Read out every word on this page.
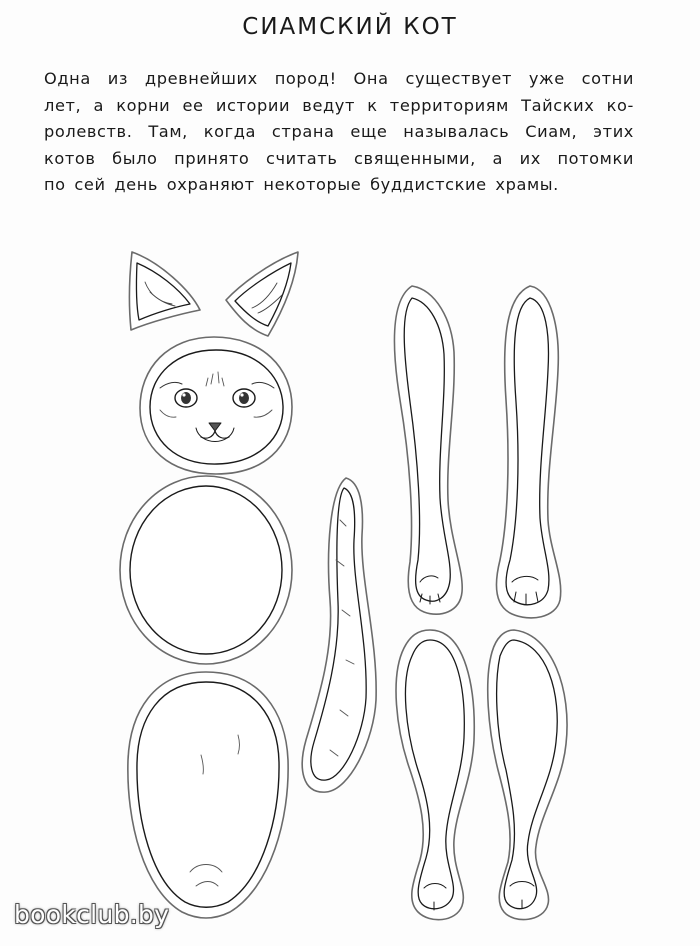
СИАМСКИЙ КОТ
Одна из древнейших пород! Она существует уже сотни
лет, а корни ее истории ведут к территориям Тайских ко-
ролевств. Там, когда страна еще называлась Сиам, этих
котов было принято считать священными, а их потомки
по сей день охраняют некоторые буддистские храмы.
bookclub.by
